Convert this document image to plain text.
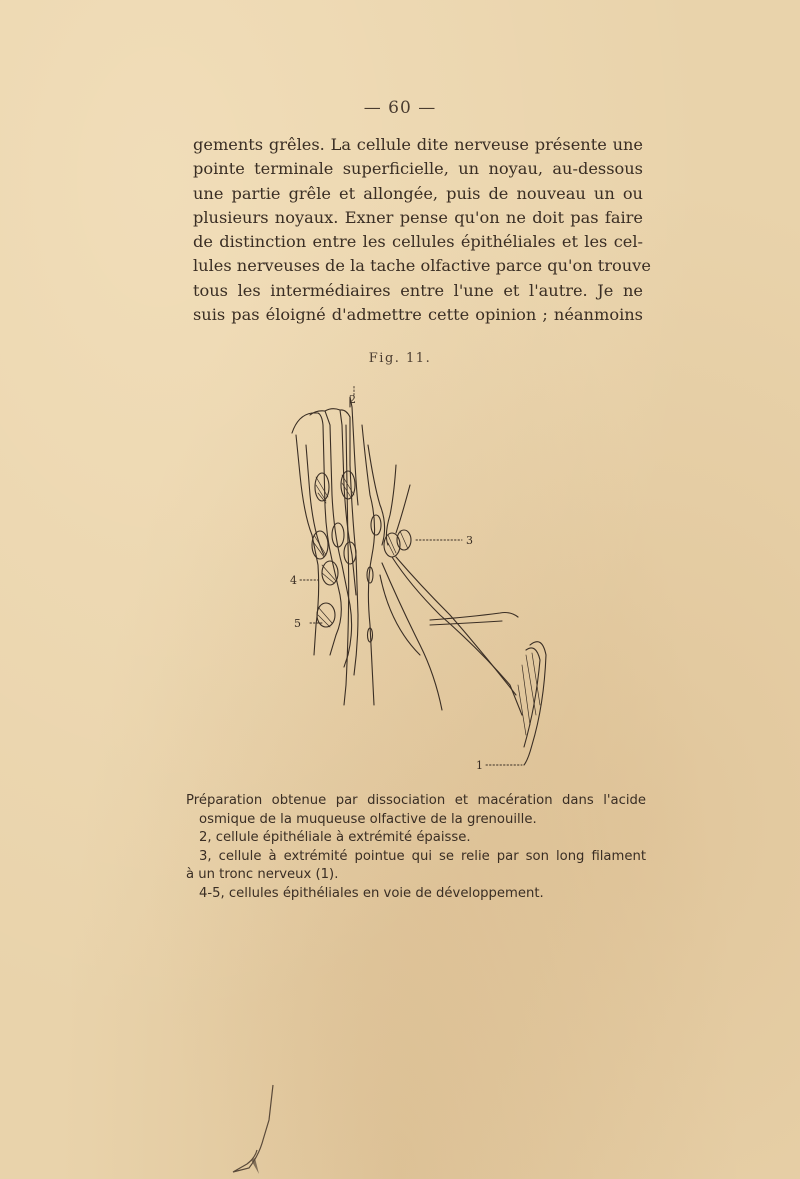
— 60 —
gements grêles. La cellule dite nerveuse présente une
pointe terminale superficielle, un noyau, au-dessous
une partie grêle et allongée, puis de nouveau un ou
plusieurs noyaux. Exner pense qu'on ne doit pas faire
de distinction entre les cellules épithéliales et les cel-
lules nerveuses de la tache olfactive parce qu'on trouve
tous les intermédiaires entre l'une et l'autre. Je ne
suis pas éloigné d'admettre cette opinion ; néanmoins
Fig. 11.
2
3
4
5
1
Préparation obtenue par dissociation et macération dans l'acide
osmique de la muqueuse olfactive de la grenouille.
2, cellule épithéliale à extrémité épaisse.
3, cellule à extrémité pointue qui se relie par son long filament
à un tronc nerveux (1).
4-5, cellules épithéliales en voie de développement.
